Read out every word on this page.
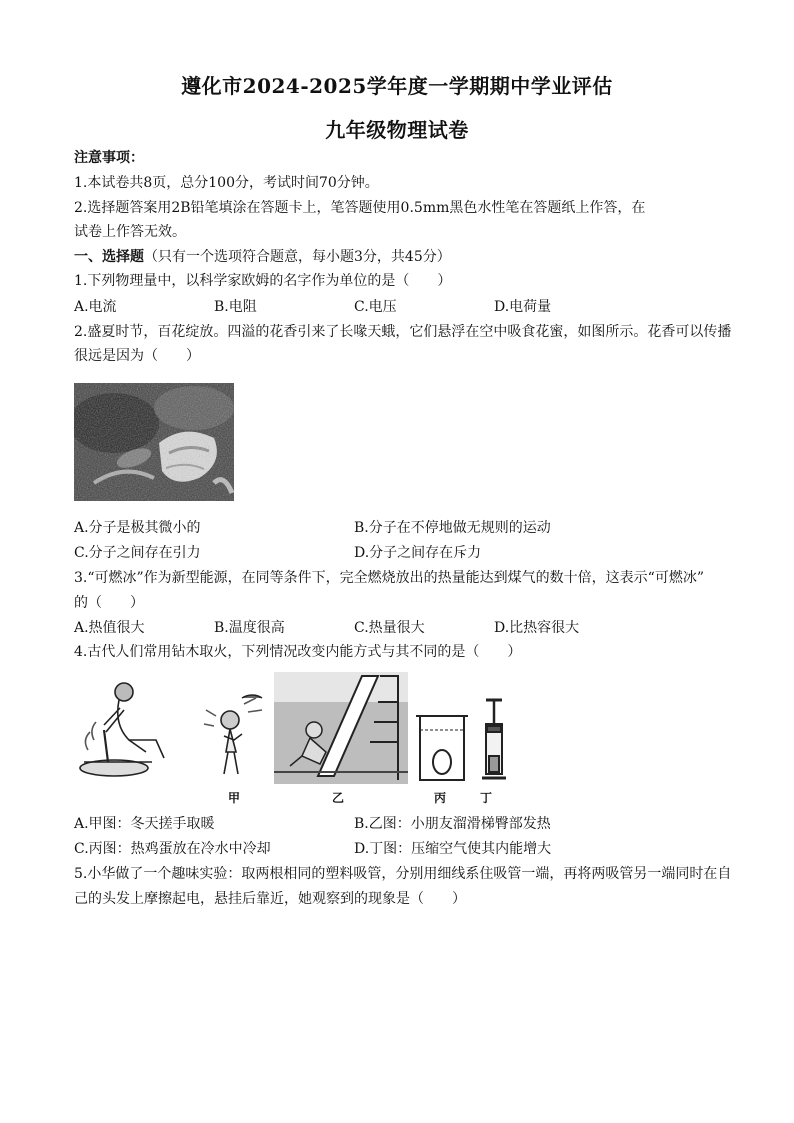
遵化市2024-2025学年度一学期期中学业评估
九年级物理试卷
注意事项：
1.本试卷共8页，总分100分，考试时间70分钟。
2.选择题答案用2B铅笔填涂在答题卡上，笔答题使用0.5mm黑色水性笔在答题纸上作答，在
试卷上作答无效。
一、选择题（只有一个选项符合题意，每小题3分，共45分）
1.下列物理量中，以科学家欧姆的名字作为单位的是（　　）
A.电流	B.电阻	C.电压	D.电荷量
2.盛夏时节，百花绽放。四溢的花香引来了长喙天蛾，它们悬浮在空中吸食花蜜，如图所示。花香可以传播
很远是因为（　　）
A.分子是极其微小的	B.分子在不停地做无规则的运动
C.分子之间存在引力	D.分子之间存在斥力
3.“可燃冰”作为新型能源，在同等条件下，完全燃烧放出的热量能达到煤气的数十倍，这表示“可燃冰”
的（　　）
A.热值很大	B.温度很高	C.热量很大	D.比热容很大
4.古代人们常用钻木取火，下列情况改变内能方式与其不同的是（　　）
甲	乙	丙	丁
A.甲图：冬天搓手取暖	B.乙图：小朋友溜滑梯臀部发热
C.丙图：热鸡蛋放在冷水中冷却	D.丁图：压缩空气使其内能增大
5.小华做了一个趣味实验：取两根相同的塑料吸管，分别用细线系住吸管一端，再将两吸管另一端同时在自
己的头发上摩擦起电，悬挂后靠近，她观察到的现象是（　　）
